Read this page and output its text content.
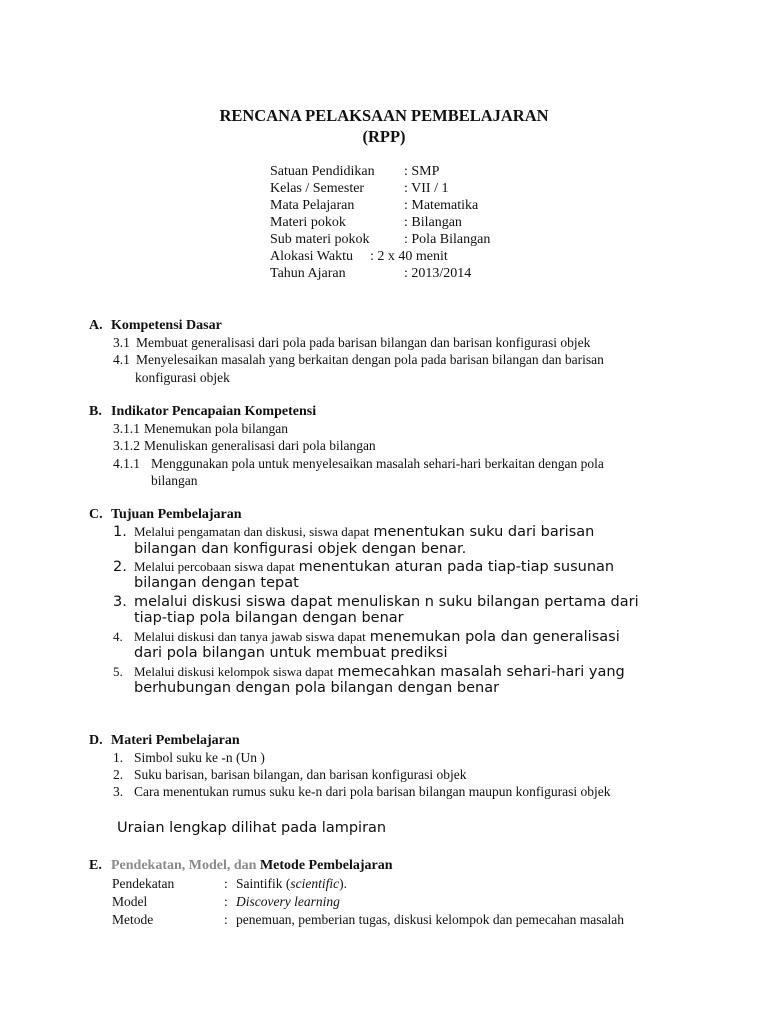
RENCANA PELAKSAAN PEMBELAJARAN
(RPP)
Satuan Pendidikan : SMP
Kelas / Semester	: VII / 1
Mata Pelajaran	: Matematika
Materi pokok	: Bilangan
Sub materi pokok : Pola Bilangan
Alokasi Waktu : 2 x 40 menit
Tahun Ajaran	: 2013/2014
A. Kompetensi Dasar
3.1 Membuat generalisasi dari pola pada barisan bilangan dan barisan konfigurasi objek
4.1 Menyelesaikan masalah yang berkaitan dengan pola pada barisan bilangan dan barisan
konfigurasi objek
B. Indikator Pencapaian Kompetensi
3.1.1 Menemukan pola bilangan
3.1.2 Menuliskan generalisasi dari pola bilangan
4.1.1 Menggunakan pola untuk menyelesaikan masalah sehari-hari berkaitan dengan pola
bilangan
C. Tujuan Pembelajaran
1. Melalui pengamatan dan diskusi, siswa dapat menentukan suku dari barisan
bilangan dan konfigurasi objek dengan benar.
2. Melalui percobaan siswa dapat menentukan aturan pada tiap-tiap susunan
bilangan dengan tepat
3. melalui diskusi siswa dapat menuliskan n suku bilangan pertama dari
tiap-tiap pola bilangan dengan benar
4. Melalui diskusi dan tanya jawab siswa dapat menemukan pola dan generalisasi
dari pola bilangan untuk membuat prediksi
5. Melalui diskusi kelompok siswa dapat memecahkan masalah sehari-hari yang
berhubungan dengan pola bilangan dengan benar
D. Materi Pembelajaran
1. Simbol suku ke -n (Un )
2. Suku barisan, barisan bilangan, dan barisan konfigurasi objek
3. Cara menentukan rumus suku ke-n dari pola barisan bilangan maupun konfigurasi objek
Uraian lengkap dilihat pada lampiran
E. Pendekatan, Model, dan Metode Pembelajaran
Pendekatan	: Saintifik (scientific).
Model	: Discovery learning
Metode	: penemuan, pemberian tugas, diskusi kelompok dan pemecahan masalah
